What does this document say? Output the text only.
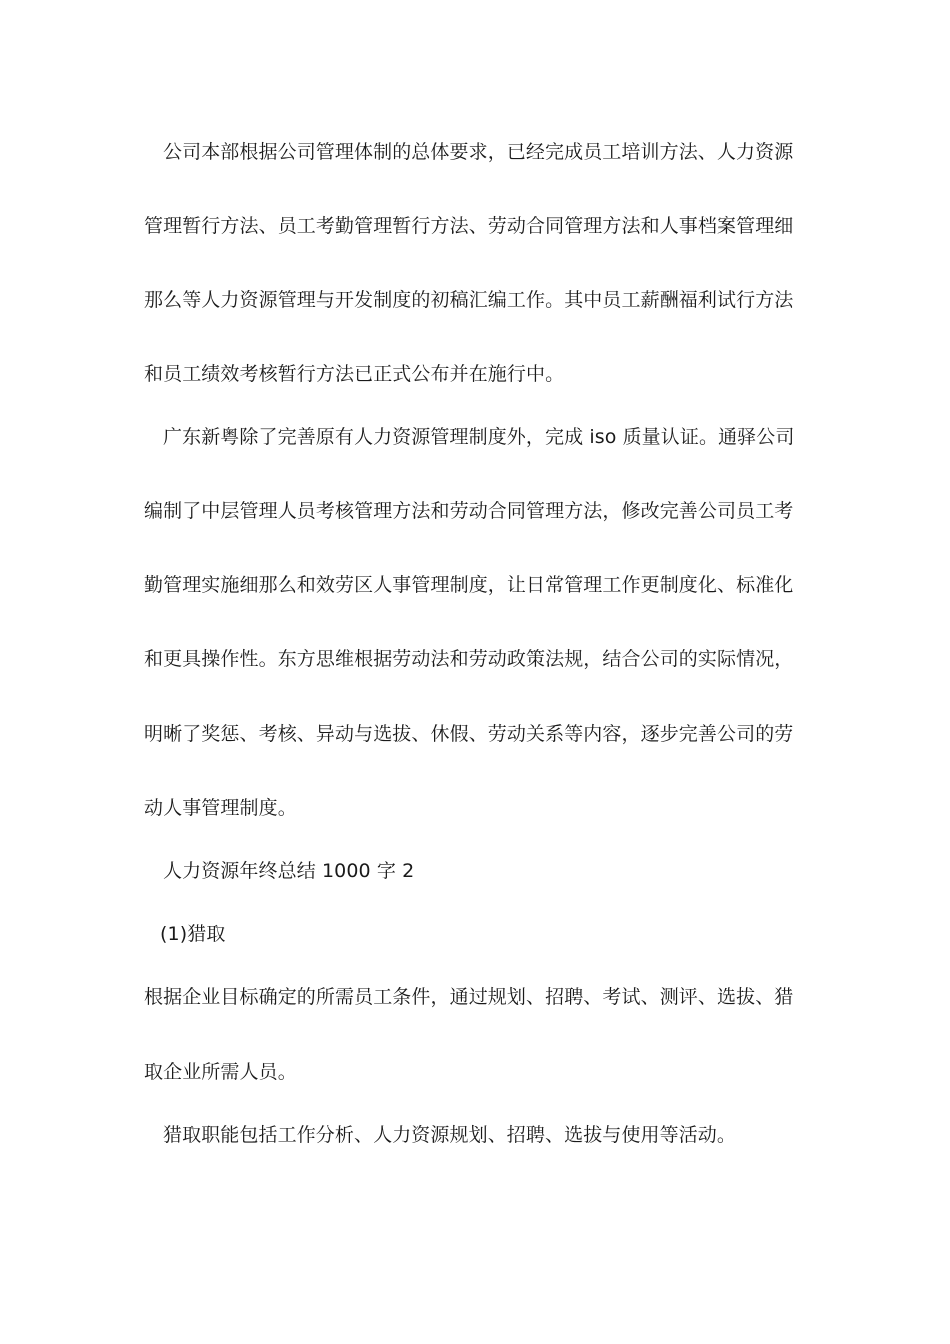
公司本部根据公司管理体制的总体要求，已经完成员工培训方法、人力资源
管理暂行方法、员工考勤管理暂行方法、劳动合同管理方法和人事档案管理细
那么等人力资源管理与开发制度的初稿汇编工作。其中员工薪酬福利试行方法
和员工绩效考核暂行方法已正式公布并在施行中。
广东新粤除了完善原有人力资源管理制度外，完成 iso 质量认证。通驿公司
编制了中层管理人员考核管理方法和劳动合同管理方法，修改完善公司员工考
勤管理实施细那么和效劳区人事管理制度，让日常管理工作更制度化、标准化
和更具操作性。东方思维根据劳动法和劳动政策法规，结合公司的实际情况，
明晰了奖惩、考核、异动与选拔、休假、劳动关系等内容，逐步完善公司的劳
动人事管理制度。
人力资源年终总结 1000 字 2
(1)猎取
根据企业目标确定的所需员工条件，通过规划、招聘、考试、测评、选拔、猎
取企业所需人员。
猎取职能包括工作分析、人力资源规划、招聘、选拔与使用等活动。
